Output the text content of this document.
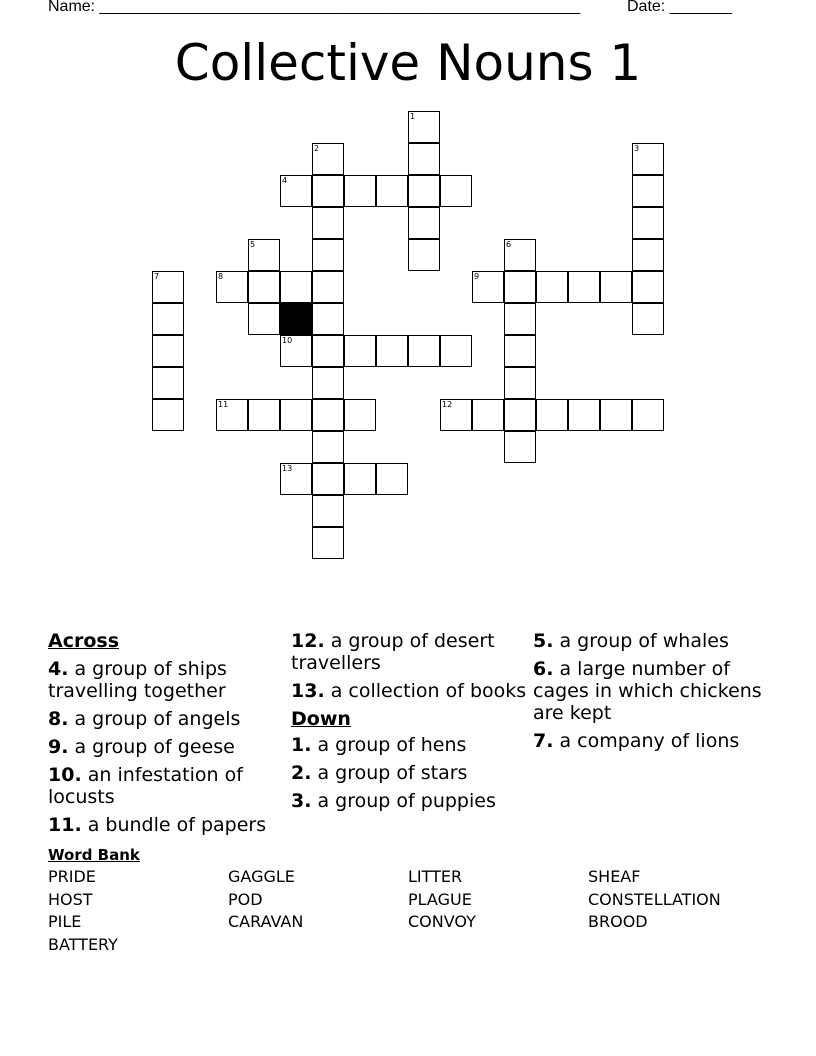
Name: ______________________________________________________	Date: _______
Collective Nouns 1
1
2	3
4
5	6
7	8	9
10
11	12
13
Across
4. a group of ships travelling together
8. a group of angels
9. a group of geese
10. an infestation of locusts
11. a bundle of papers
12. a group of desert travellers
13. a collection of books
Down
1. a group of hens
2. a group of stars
3. a group of puppies
5. a group of whales
6. a large number of cages in which chickens are kept
7. a company of lions
Word Bank
PRIDE	GAGGLE	LITTER	SHEAF
HOST	POD	PLAGUE	CONSTELLATION
PILE	CARAVAN	CONVOY	BROOD
BATTERY
